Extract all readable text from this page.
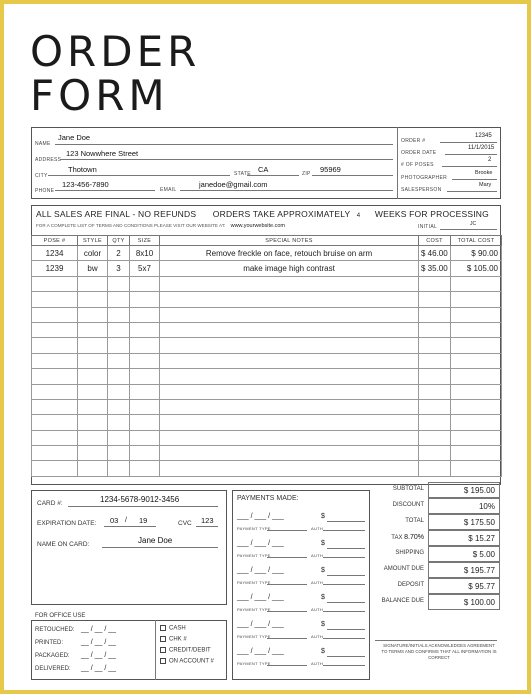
ORDER
FORM
NAME
Jane Doe
ADDRESS
123 Nowwhere Street
CITY
Thotown	STATE CA	ZIP 95969
PHONE
123-456-7890
EMAIL
janedoe@gmail.com
ORDER #
12345
ORDER DATE
11/1/2015
# OF POSES
2
PHOTOGRAPHER
Brooke
SALESPERSON
Mary
ALL SALES ARE FINAL - NO REFUNDS ORDERS TAKE APPROXIMATELY 4 WEEKS FOR PROCESSING
FOR A COMPLETE LIST OF TERMS AND CONDITIONS PLEASE VISIT OUR WEBSITE AT: www.yourwebsite.com	INITIAL	JC
POSE #	STYLE	QTY	SIZE	SPECIAL NOTES	COST	TOTAL COST
1234	color	2	8x10	Remove freckle on face, retouch bruise on arm	$ 46.00	$ 90.00
1239	bw	3	5x7	make image high contrast	$ 35.00	$ 105.00

CARD #:	1234-5678-9012-3456
EXPIRATION DATE: 03 / 19	CVC 123
NAME ON CARD:	Jane Doe
PAYMENTS MADE:
___ / ___ / ___	$
PAYMENT TYPE	AUTH
___ / ___ / ___	$
PAYMENT TYPE	AUTH
___ / ___ / ___	$
PAYMENT TYPE	AUTH
___ / ___ / ___	$
PAYMENT TYPE	AUTH
___ / ___ / ___	$
PAYMENT TYPE	AUTH
___ / ___ / ___	$
PAYMENT TYPE	AUTH
SUBTOTAL	$ 195.00
DISCOUNT	10%
TOTAL	$ 175.50
TAX 8.70%	$ 15.27
SHIPPING	$ 5.00
AMOUNT DUE	$ 195.77
DEPOSIT	$ 95.77
BALANCE DUE	$ 100.00
SIGNATURE/INITIALS ACKNOWLEDGES AGREEMENT TO TERMS AND CONFIRMS THAT ALL INFORMATION IS CORRECT
FOR OFFICE USE
RETOUCHED: __ / __ / __
PRINTED:	__ / __ / __
PACKAGED: __ / __ / __
DELIVERED: __ / __ / __
CASH
CHK #
CREDIT/DEBIT
ON ACCOUNT #
